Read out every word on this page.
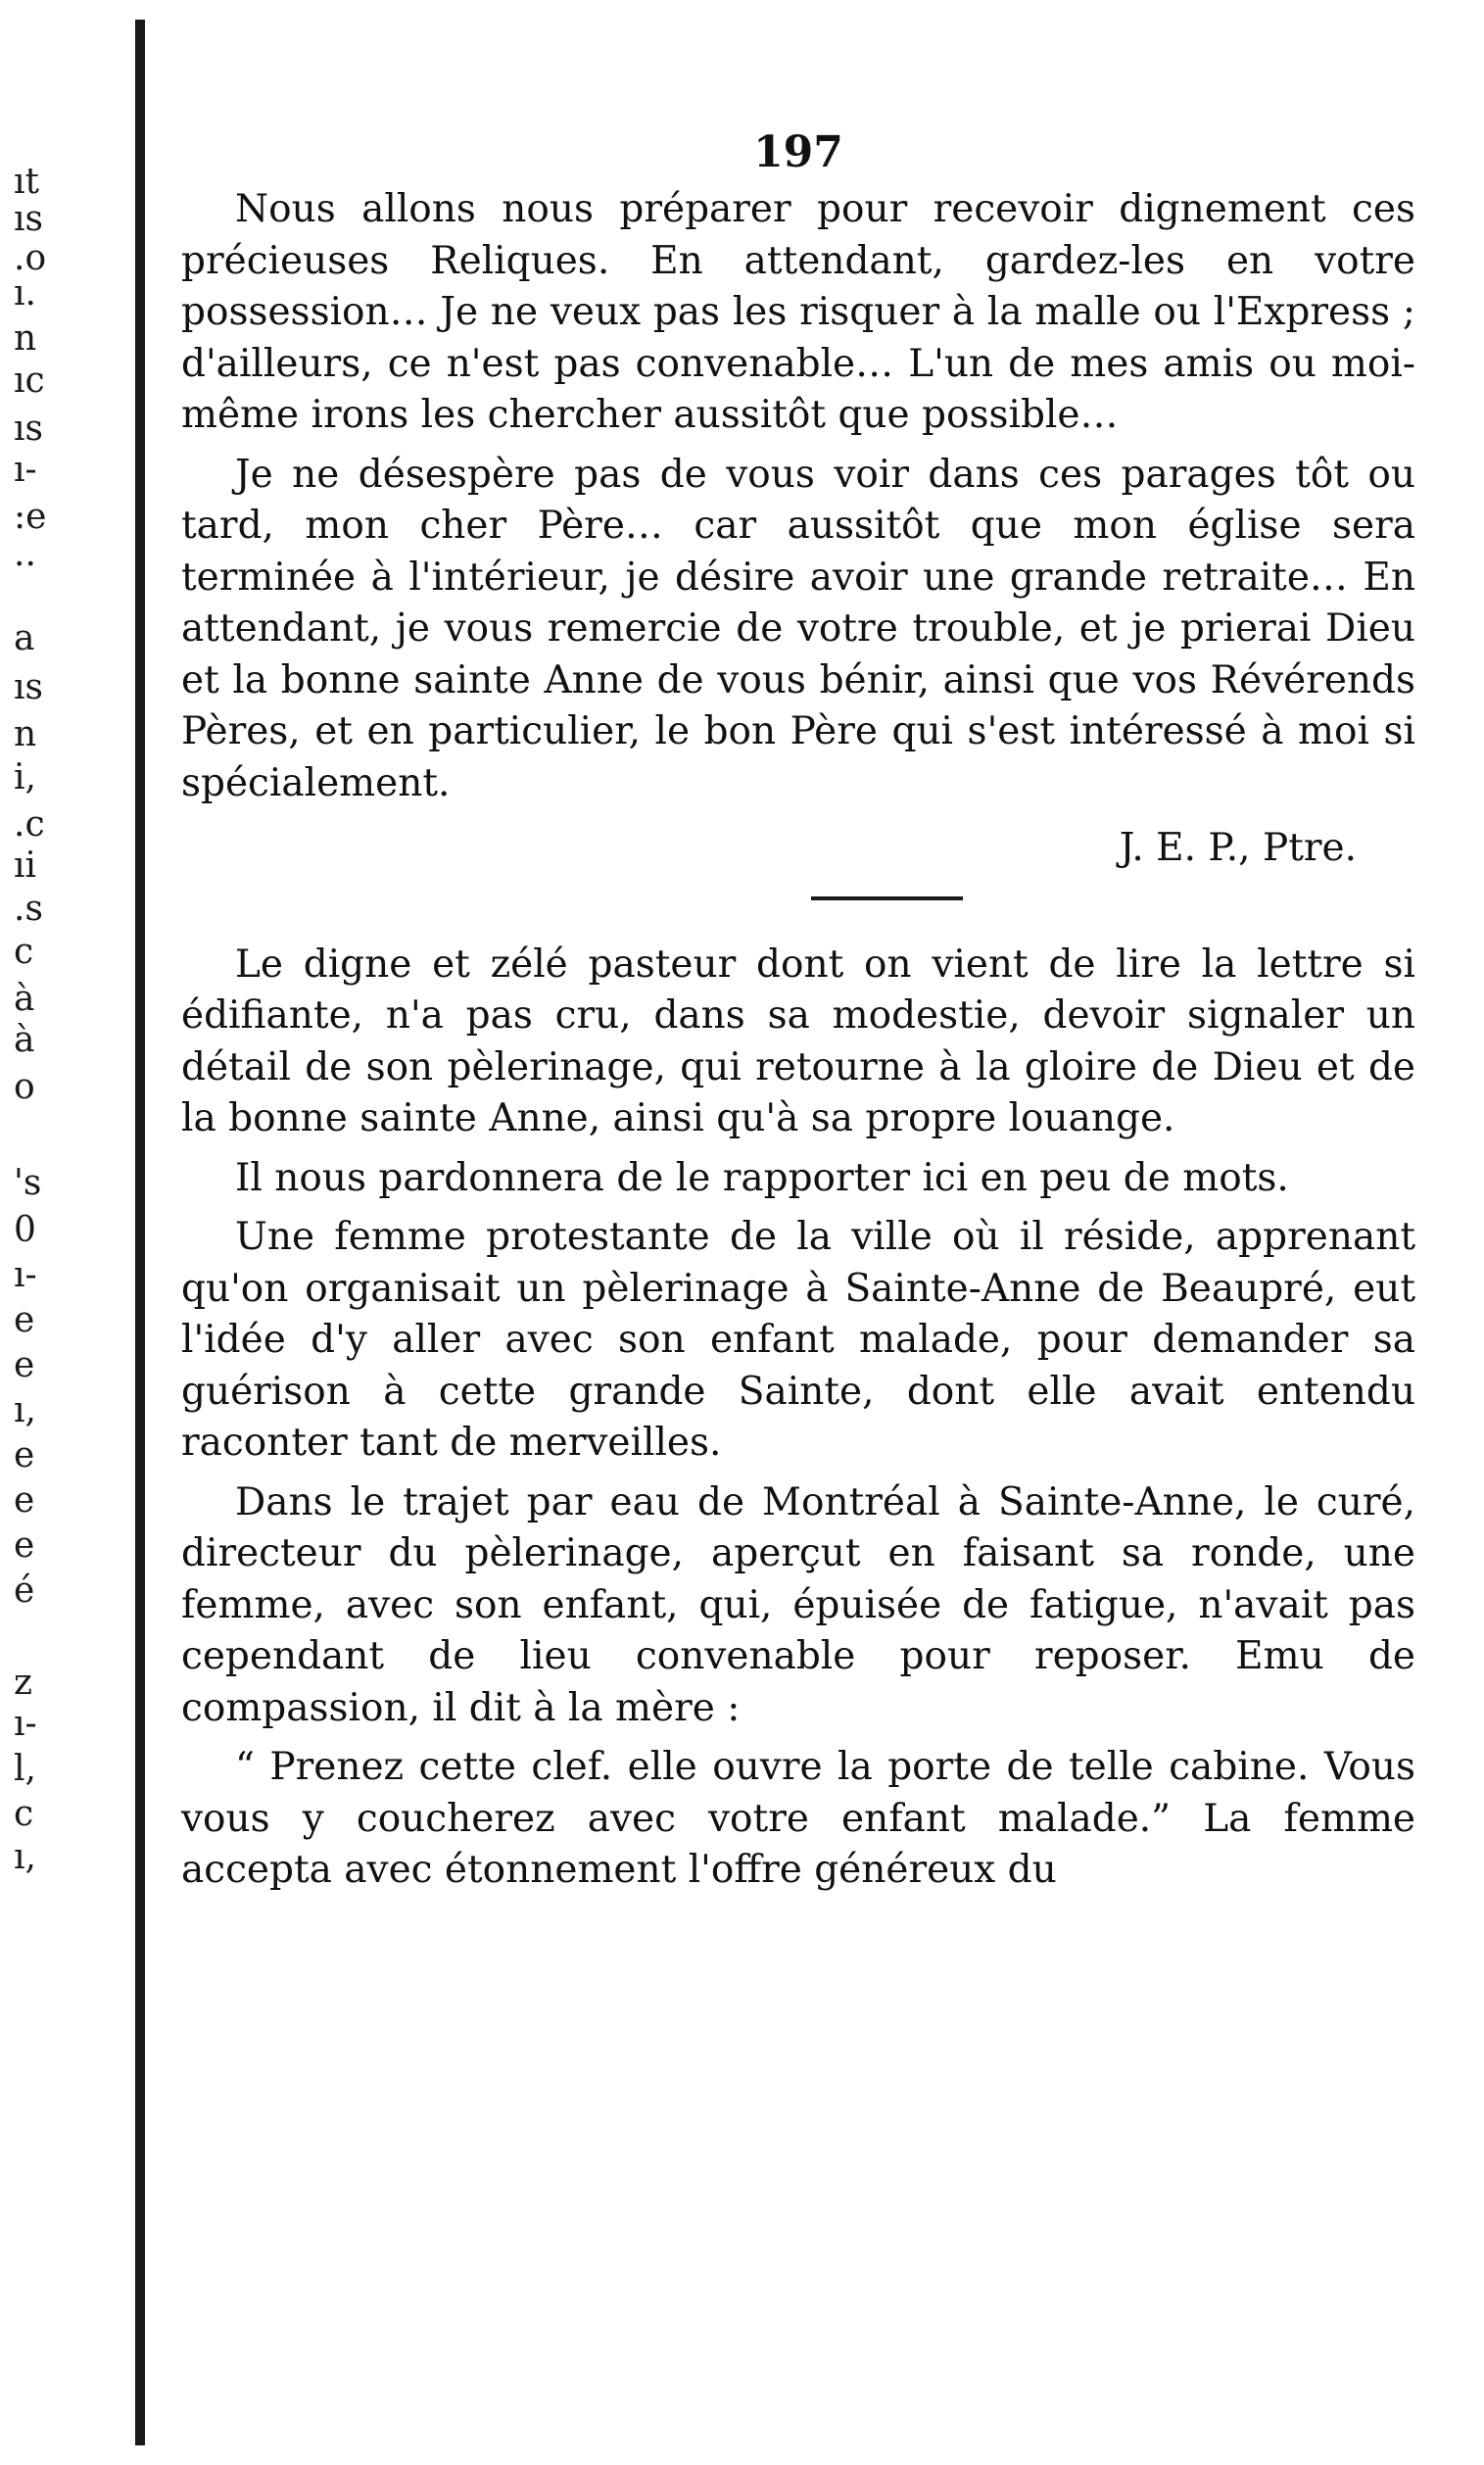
ıt
ıs
.o
ı.
n
ıc
ıs
ı-
:e
..
a
ıs
n
i,
.c
ıi
.s
c
à
à
o
's
0
ı-
e
e
ı,
e
e
e
é
z
ı-
l,
c
ı,
197

Nous allons nous préparer pour recevoir dignement ces précieuses Reliques. En attendant, gardez-les en votre possession… Je ne veux pas les risquer à la malle ou l'Express ; d'ailleurs, ce n'est pas convenable… L'un de mes amis ou moi-même irons les chercher aussitôt que possible…

Je ne désespère pas de vous voir dans ces parages tôt ou tard, mon cher Père… car aussitôt que mon église sera terminée à l'intérieur, je désire avoir une grande retraite… En attendant, je vous remercie de votre trouble, et je prierai Dieu et la bonne sainte Anne de vous bénir, ainsi que vos Révérends Pères, et en particulier, le bon Père qui s'est intéressé à moi si spécialement.

J. E. P., Ptre.

Le digne et zélé pasteur dont on vient de lire la lettre si édifiante, n'a pas cru, dans sa modestie, devoir signaler un détail de son pèlerinage, qui retourne à la gloire de Dieu et de la bonne sainte Anne, ainsi qu'à sa propre louange.

Il nous pardonnera de le rapporter ici en peu de mots.

Une femme protestante de la ville où il réside, apprenant qu'on organisait un pèlerinage à Sainte-Anne de Beaupré, eut l'idée d'y aller avec son enfant malade, pour demander sa guérison à cette grande Sainte, dont elle avait entendu raconter tant de merveilles.

Dans le trajet par eau de Montréal à Sainte-Anne, le curé, directeur du pèlerinage, aperçut en faisant sa ronde, une femme, avec son enfant, qui, épuisée de fatigue, n'avait pas cependant de lieu convenable pour reposer. Emu de compassion, il dit à la mère :

“ Prenez cette clef. elle ouvre la porte de telle cabine. Vous vous y coucherez avec votre enfant malade.” La femme accepta avec étonnement l'offre généreux du
